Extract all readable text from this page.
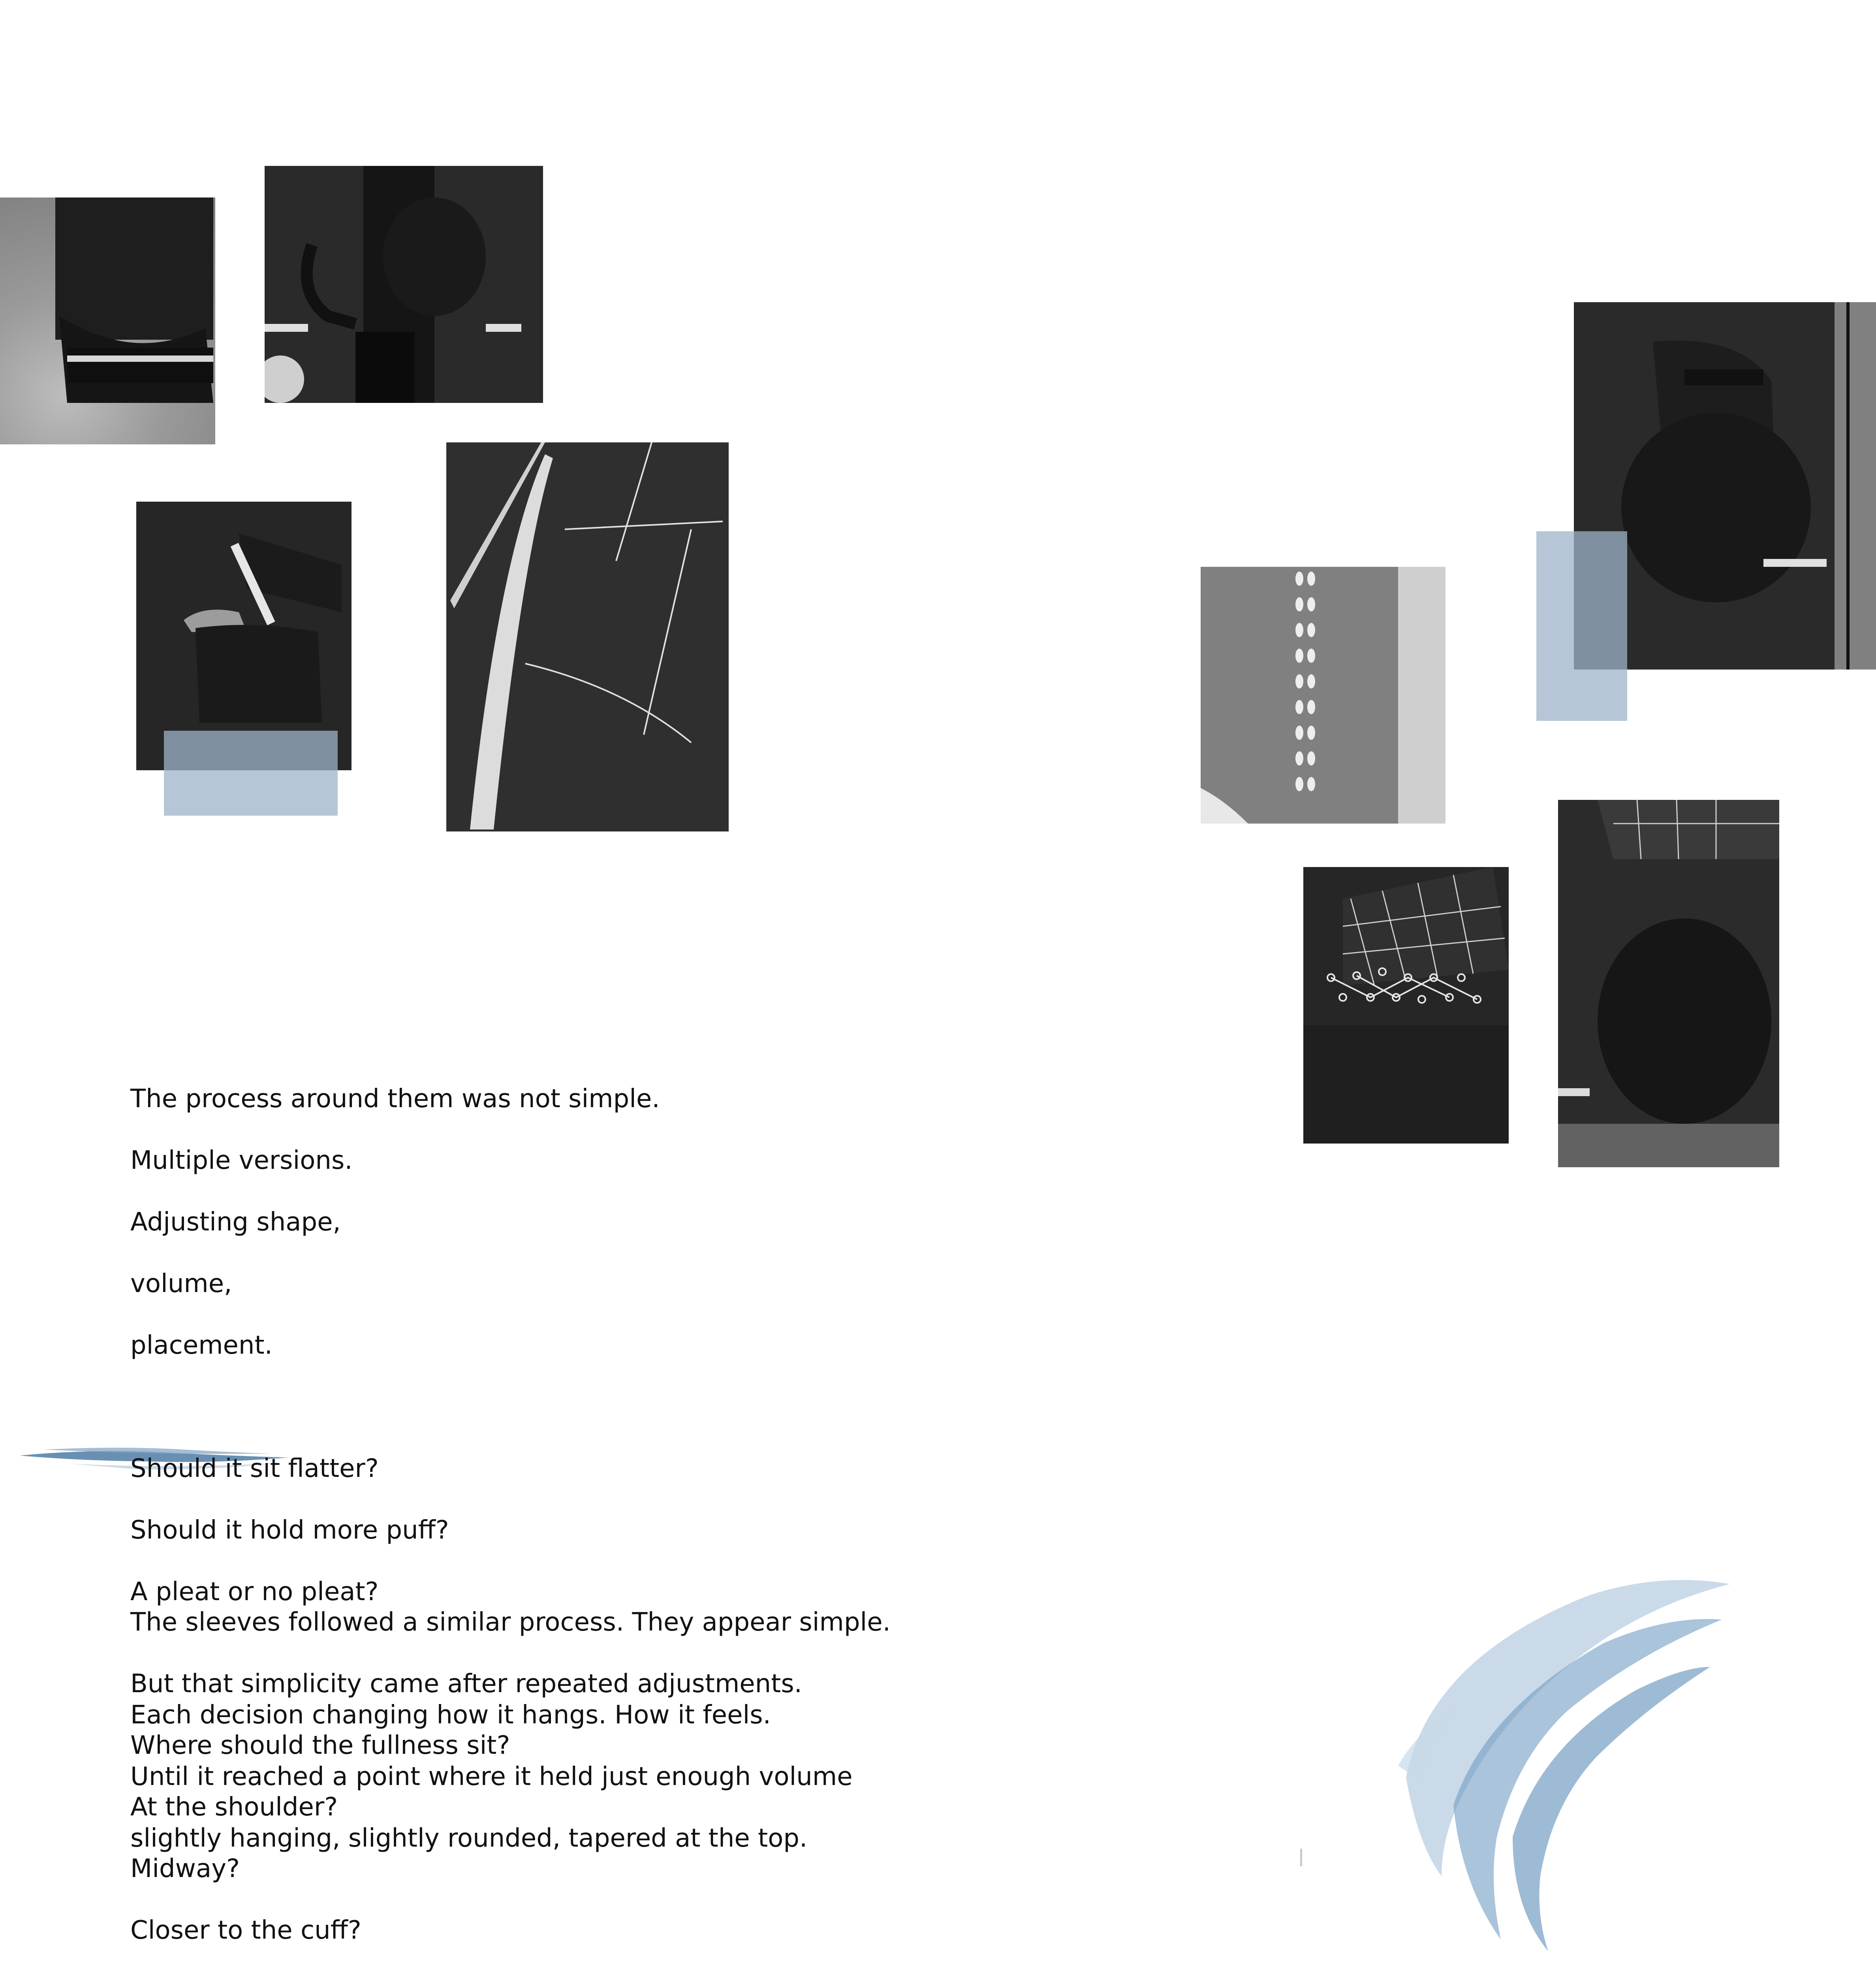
The process around them was not simple.

Multiple versions.

Adjusting shape,

volume,

placement.

Should it sit flatter?

Should it hold more puff?

A pleat or no pleat?

Each decision changing how it hangs. How it feels.

Until it reached a point where it held just enough volume

slightly hanging, slightly rounded, tapered at the top.

The sleeves followed a similar process. They appear simple.

But that simplicity came after repeated adjustments.

Where should the fullness sit?

At the shoulder?

Midway?

Closer to the cuff?
